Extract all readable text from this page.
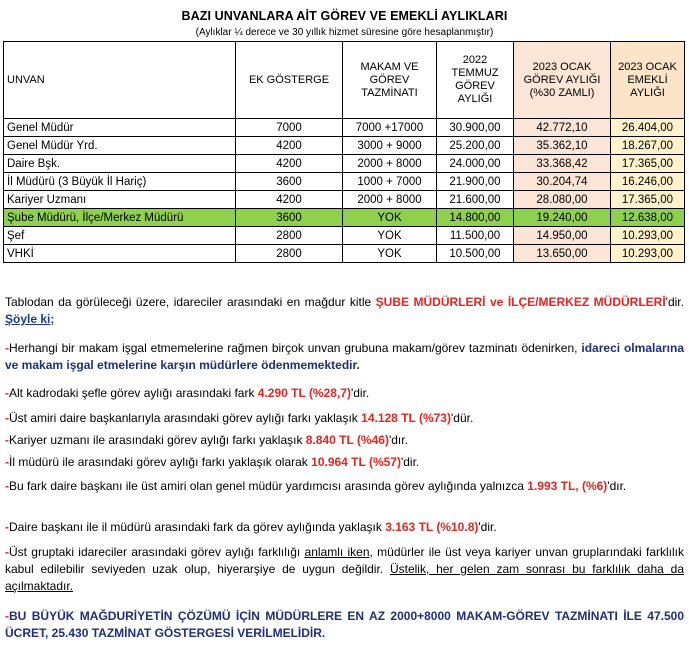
BAZI UNVANLARA AİT GÖREV VE EMEKLİ AYLIKLARI
(Aylıklar ¼ derece ve 30 yıllık hizmet süresine göre hesaplanmıştır)
UNVAN	EK GÖSTERGE	MAKAM VE GÖREV TAZMİNATI	2022 TEMMUZ GÖREV AYLIĞI	2023 OCAK GÖREV AYLIĞI (%30 ZAMLI)	2023 OCAK EMEKLİ AYLIĞI
Genel Müdür	7000	7000 +17000	30.900,00	42.772,10	26.404,00
Genel Müdür Yrd.	4200	3000 + 9000	25.200,00	35.362,10	18.267,00
Daire Bşk.	4200	2000 + 8000	24.000,00	33.368,42	17.365,00
İl Müdürü (3 Büyük İl Hariç)	3600	1000 + 7000	21.900,00	30.204,74	16.246,00
Kariyer Uzmanı	4200	2000 + 8000	21.600,00	28.080,00	17.365,00
Şube Müdürü, İlçe/Merkez Müdürü	3600	YOK	14.800,00	19.240,00	12.638,00
Şef	2800	YOK	11.500,00	14.950,00	10.293,00
VHKİ	2800	YOK	10.500,00	13.650,00	10.293,00
Tablodan da görüleceği üzere, idareciler arasındaki en mağdur kitle ŞUBE MÜDÜRLERİ ve İLÇE/MERKEZ MÜDÜRLERİ'dir. Şöyle ki;
-Herhangi bir makam işgal etmemelerine rağmen birçok unvan grubuna makam/görev tazminatı ödenirken, idareci olmalarına ve makam işgal etmelerine karşın müdürlere ödenmemektedir.
-Alt kadrodaki şefle görev aylığı arasındaki fark 4.290 TL (%28,7)'dir.
-Üst amiri daire başkanlarıyla arasındaki görev aylığı farkı yaklaşık 14.128 TL (%73)'dür.
-Kariyer uzmanı ile arasındaki görev aylığı farkı yaklaşık 8.840 TL (%46)'dır.
-İl müdürü ile arasındaki görev aylığı farkı yaklaşık olarak 10.964 TL (%57)'dir.
-Bu fark daire başkanı ile üst amiri olan genel müdür yardımcısı arasında görev aylığında yalnızca 1.993 TL, (%6)'dır.
-Daire başkanı ile il müdürü arasındaki fark da görev aylığında yaklaşık 3.163 TL (%10.8)'dir.
-Üst gruptaki idareciler arasındaki görev aylığı farklılığı anlamlı iken, müdürler ile üst veya kariyer unvan gruplarındaki farklılık kabul edilebilir seviyeden uzak olup, hiyerarşiye de uygun değildir. Üstelik, her gelen zam sonrası bu farklılık daha da açılmaktadır.
-BU BÜYÜK MAĞDURİYETİN ÇÖZÜMÜ İÇİN MÜDÜRLERE EN AZ 2000+8000 MAKAM-GÖREV TAZMİNATI İLE 47.500 ÜCRET, 25.430 TAZMİNAT GÖSTERGESİ VERİLMELİDİR.
